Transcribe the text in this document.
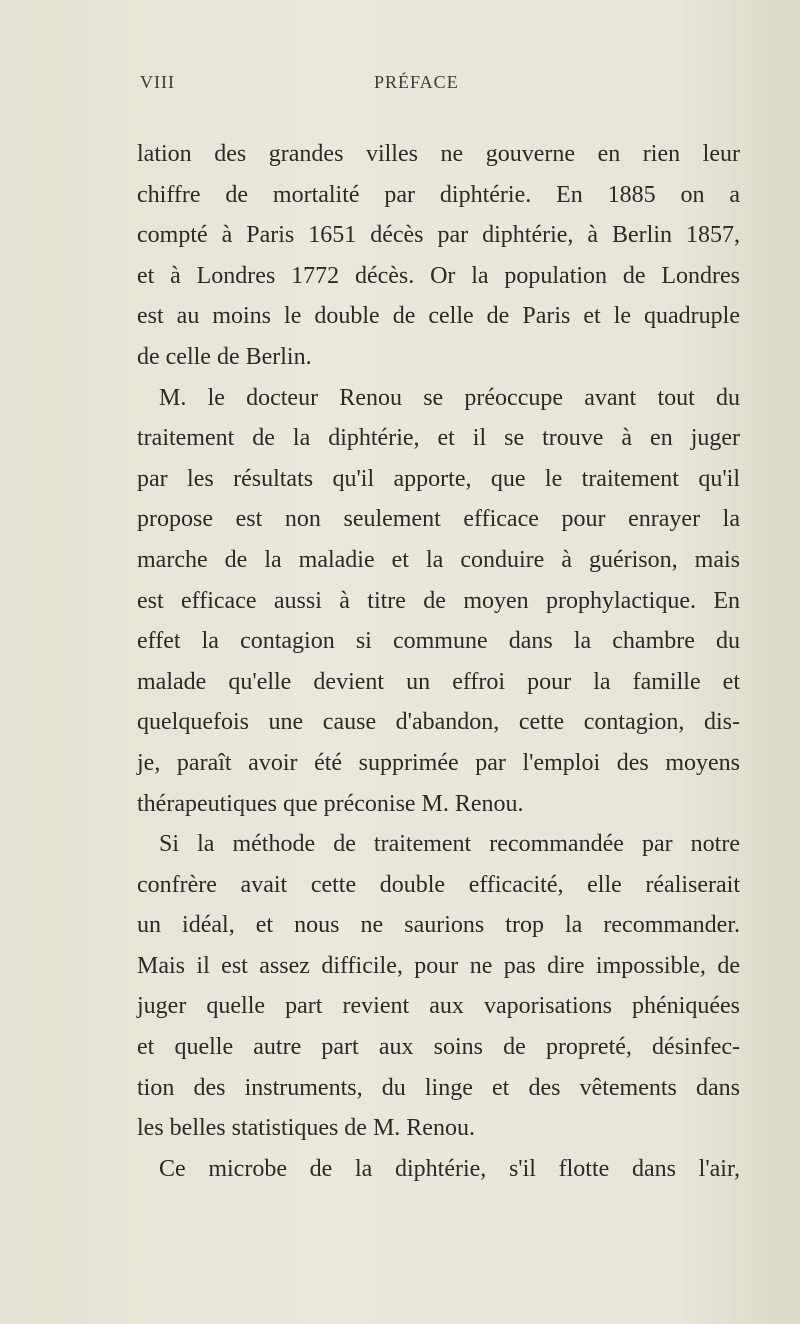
VIII	PRÉFACE
lation des grandes villes ne gouverne en rien leur
chiffre de mortalité par diphtérie. En 1885 on a
compté à Paris 1651 décès par diphtérie, à Berlin 1857,
et à Londres 1772 décès. Or la population de Londres
est au moins le double de celle de Paris et le quadruple
de celle de Berlin.
M. le docteur Renou se préoccupe avant tout du
traitement de la diphtérie, et il se trouve à en juger
par les résultats qu'il apporte, que le traitement qu'il
propose est non seulement efficace pour enrayer la
marche de la maladie et la conduire à guérison, mais
est efficace aussi à titre de moyen prophylactique. En
effet la contagion si commune dans la chambre du
malade qu'elle devient un effroi pour la famille et
quelquefois une cause d'abandon, cette contagion, dis-
je, paraît avoir été supprimée par l'emploi des moyens
thérapeutiques que préconise M. Renou.
Si la méthode de traitement recommandée par notre
confrère avait cette double efficacité, elle réaliserait
un idéal, et nous ne saurions trop la recommander.
Mais il est assez difficile, pour ne pas dire impossible, de
juger quelle part revient aux vaporisations phéniquées
et quelle autre part aux soins de propreté, désinfec-
tion des instruments, du linge et des vêtements dans
les belles statistiques de M. Renou.
Ce microbe de la diphtérie, s'il flotte dans l'air,
